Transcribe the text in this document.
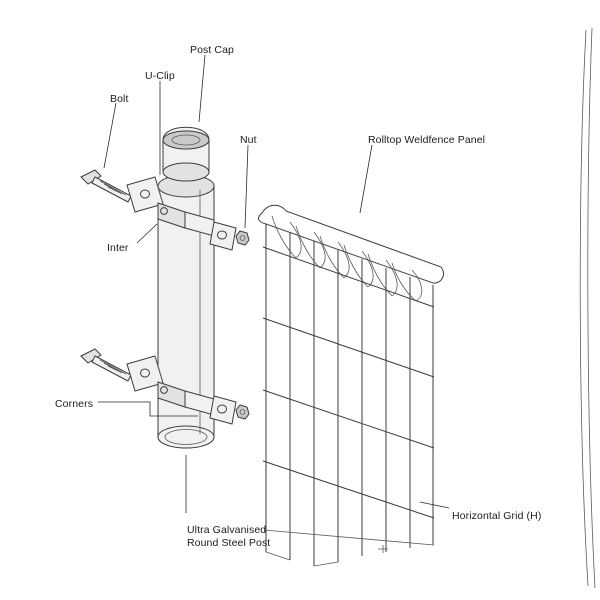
Post Cap
U-Clip
Bolt
Nut	Rolltop Weldfence Panel
Inter
Corners
Horizontal Grid (H)
Ultra Galvanised
Round Steel Post
